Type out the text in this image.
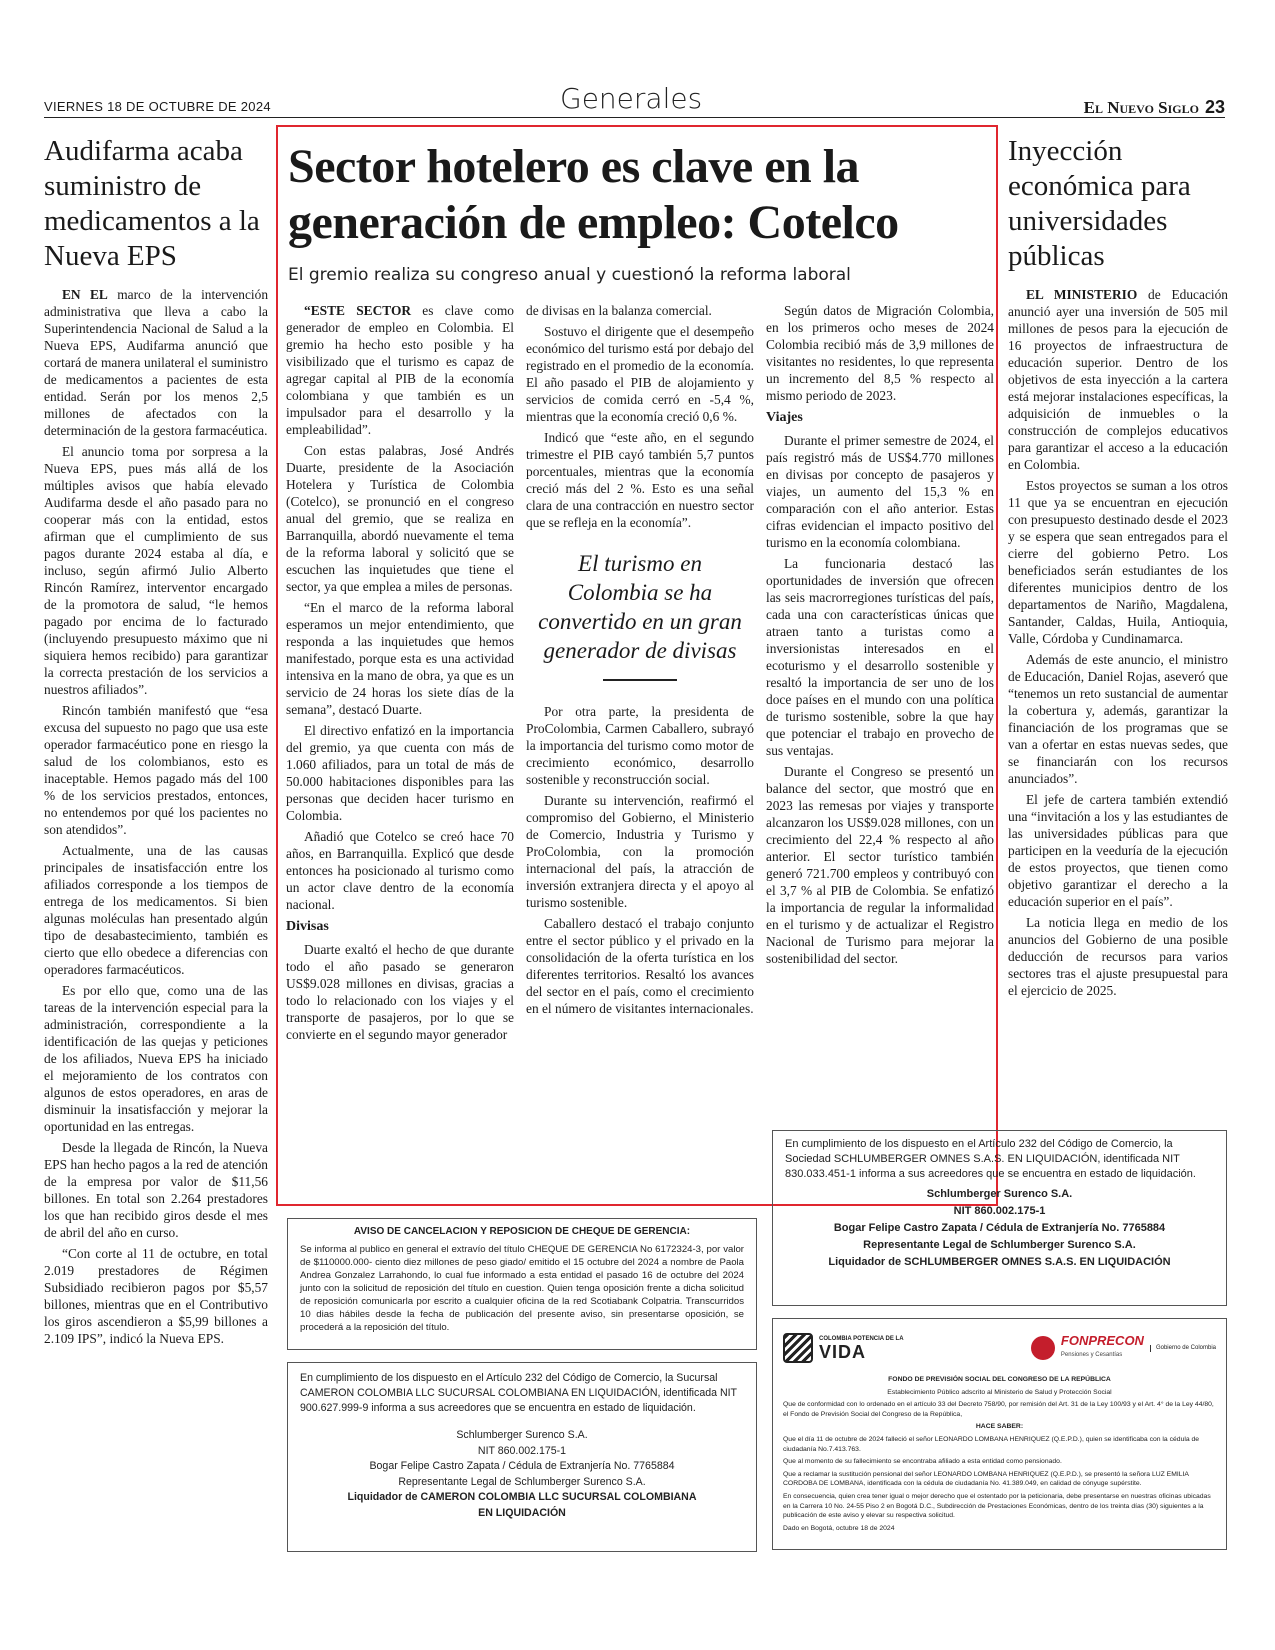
VIERNES 18 DE OCTUBRE DE 2024	Generales	El Nuevo Siglo 23
Audifarma acaba suministro de medicamentos a la Nueva EPS

EN EL marco de la intervención administrativa que lleva a cabo la Superintendencia Nacional de Salud a la Nueva EPS, Audifarma anunció que cortará de manera unilateral el suministro de medicamentos a pacientes de esta entidad. Serán por los menos 2,5 millones de afectados con la determinación de la gestora farmacéutica.

El anuncio toma por sorpresa a la Nueva EPS, pues más allá de los múltiples avisos que había elevado Audifarma desde el año pasado para no cooperar más con la entidad, estos afirman que el cumplimiento de sus pagos durante 2024 estaba al día, e incluso, según afirmó Julio Alberto Rincón Ramírez, interventor encargado de la promotora de salud, “le hemos pagado por encima de lo facturado (incluyendo presupuesto máximo que ni siquiera hemos recibido) para garantizar la correcta prestación de los servicios a nuestros afiliados”.

Rincón también manifestó que “esa excusa del supuesto no pago que usa este operador farmacéutico pone en riesgo la salud de los colombianos, esto es inaceptable. Hemos pagado más del 100 % de los servicios prestados, entonces, no entendemos por qué los pacientes no son atendidos”.

Actualmente, una de las causas principales de insatisfacción entre los afiliados corresponde a los tiempos de entrega de los medicamentos. Si bien algunas moléculas han presentado algún tipo de desabastecimiento, también es cierto que ello obedece a diferencias con operadores farmacéuticos.

Es por ello que, como una de las tareas de la intervención especial para la administración, correspondiente a la identificación de las quejas y peticiones de los afiliados, Nueva EPS ha iniciado el mejoramiento de los contratos con algunos de estos operadores, en aras de disminuir la insatisfacción y mejorar la oportunidad en las entregas.

Desde la llegada de Rincón, la Nueva EPS han hecho pagos a la red de atención de la empresa por valor de $11,56 billones. En total son 2.264 prestadores los que han recibido giros desde el mes de abril del año en curso.

“Con corte al 11 de octubre, en total 2.019 prestadores de Régimen Subsidiado recibieron pagos por $5,57 billones, mientras que en el Contributivo los giros ascendieron a $5,99 billones a 2.109 IPS”, indicó la Nueva EPS.

Sector hotelero es clave en la generación de empleo: Cotelco
El gremio realiza su congreso anual y cuestionó la reforma laboral

“ESTE SECTOR es clave como generador de empleo en Colombia. El gremio ha hecho esto posible y ha visibilizado que el turismo es capaz de agregar capital al PIB de la economía colombiana y que también es un impulsador para el desarrollo y la empleabilidad”.

Con estas palabras, José Andrés Duarte, presidente de la Asociación Hotelera y Turística de Colombia (Cotelco), se pronunció en el congreso anual del gremio, que se realiza en Barranquilla, abordó nuevamente el tema de la reforma laboral y solicitó que se escuchen las inquietudes que tiene el sector, ya que emplea a miles de personas.

“En el marco de la reforma laboral esperamos un mejor entendimiento, que responda a las inquietudes que hemos manifestado, porque esta es una actividad intensiva en la mano de obra, ya que es un servicio de 24 horas los siete días de la semana”, destacó Duarte.

El directivo enfatizó en la importancia del gremio, ya que cuenta con más de 1.060 afiliados, para un total de más de 50.000 habitaciones disponibles para las personas que deciden hacer turismo en Colombia.

Añadió que Cotelco se creó hace 70 años, en Barranquilla. Explicó que desde entonces ha posicionado al turismo como un actor clave dentro de la economía nacional.

Divisas

Duarte exaltó el hecho de que durante todo el año pasado se generaron US$9.028 millones en divisas, gracias a todo lo relacionado con los viajes y el transporte de pasajeros, por lo que se convierte en el segundo mayor generador

de divisas en la balanza comercial.

Sostuvo el dirigente que el desempeño económico del turismo está por debajo del registrado en el promedio de la economía. El año pasado el PIB de alojamiento y servicios de comida cerró en -5,4 %, mientras que la economía creció 0,6 %.

Indicó que “este año, en el segundo trimestre el PIB cayó también 5,7 puntos porcentuales, mientras que la economía creció más del 2 %. Esto es una señal clara de una contracción en nuestro sector que se refleja en la economía”.

El turismo en Colombia se ha convertido en un gran generador de divisas

Por otra parte, la presidenta de ProColombia, Carmen Caballero, subrayó la importancia del turismo como motor de crecimiento económico, desarrollo sostenible y reconstrucción social.

Durante su intervención, reafirmó el compromiso del Gobierno, el Ministerio de Comercio, Industria y Turismo y ProColombia, con la promoción internacional del país, la atracción de inversión extranjera directa y el apoyo al turismo sostenible.

Caballero destacó el trabajo conjunto entre el sector público y el privado en la consolidación de la oferta turística en los diferentes territorios. Resaltó los avances del sector en el país, como el crecimiento en el número de visitantes internacionales.

Según datos de Migración Colombia, en los primeros ocho meses de 2024 Colombia recibió más de 3,9 millones de visitantes no residentes, lo que representa un incremento del 8,5 % respecto al mismo periodo de 2023.

Viajes

Durante el primer semestre de 2024, el país registró más de US$4.770 millones en divisas por concepto de pasajeros y viajes, un aumento del 15,3 % en comparación con el año anterior. Estas cifras evidencian el impacto positivo del turismo en la economía colombiana.

La funcionaria destacó las oportunidades de inversión que ofrecen las seis macrorregiones turísticas del país, cada una con características únicas que atraen tanto a turistas como a inversionistas interesados en el ecoturismo y el desarrollo sostenible y resaltó la importancia de ser uno de los doce países en el mundo con una política de turismo sostenible, sobre la que hay que potenciar el trabajo en provecho de sus ventajas.

Durante el Congreso se presentó un balance del sector, que mostró que en 2023 las remesas por viajes y transporte alcanzaron los US$9.028 millones, con un crecimiento del 22,4 % respecto al año anterior. El sector turístico también generó 721.700 empleos y contribuyó con el 3,7 % al PIB de Colombia. Se enfatizó la importancia de regular la informalidad en el turismo y de actualizar el Registro Nacional de Turismo para mejorar la sostenibilidad del sector.

Inyección económica para universidades públicas

EL MINISTERIO de Educación anunció ayer una inversión de 505 mil millones de pesos para la ejecución de 16 proyectos de infraestructura de educación superior. Dentro de los objetivos de esta inyección a la cartera está mejorar instalaciones específicas, la adquisición de inmuebles o la construcción de complejos educativos para garantizar el acceso a la educación en Colombia.

Estos proyectos se suman a los otros 11 que ya se encuentran en ejecución con presupuesto destinado desde el 2023 y se espera que sean entregados para el cierre del gobierno Petro. Los beneficiados serán estudiantes de los diferentes municipios dentro de los departamentos de Nariño, Magdalena, Santander, Caldas, Huila, Antioquia, Valle, Córdoba y Cundinamarca.

Además de este anuncio, el ministro de Educación, Daniel Rojas, aseveró que “tenemos un reto sustancial de aumentar la cobertura y, además, garantizar la financiación de los programas que se van a ofertar en estas nuevas sedes, que se financiarán con los recursos anunciados”.

El jefe de cartera también extendió una “invitación a los y las estudiantes de las universidades públicas para que participen en la veeduría de la ejecución de estos proyectos, que tienen como objetivo garantizar el derecho a la educación superior en el país”.

La noticia llega en medio de los anuncios del Gobierno de una posible deducción de recursos para varios sectores tras el ajuste presupuestal para el ejercicio de 2025.

En cumplimiento de los dispuesto en el Artículo 232 del Código de Comercio, la Sociedad SCHLUMBERGER OMNES S.A.S. EN LIQUIDACIÓN, identificada NIT 830.033.451-1 informa a sus acreedores que se encuentra en estado de liquidación.
Schlumberger Surenco S.A.
NIT 860.002.175-1
Bogar Felipe Castro Zapata / Cédula de Extranjería No. 7765884
Representante Legal de Schlumberger Surenco S.A.
Liquidador de SCHLUMBERGER OMNES S.A.S. EN LIQUIDACIÓN
AVISO DE CANCELACION Y REPOSICION DE CHEQUE DE GERENCIA:
Se informa al publico en general el extravío del título CHEQUE DE GERENCIA No 6172324-3, por valor de $110000.000- ciento diez millones de peso giado/ emitido el 15 octubre del 2024 a nombre de Paola Andrea Gonzalez Larrahondo, lo cual fue informado a esta entidad el pasado 16 de octubre del 2024 junto con la solicitud de reposición del título en cuestion. Quien tenga oposición frente a dicha solicitud de reposición comunicarla por escrito a cualquier oficina de la red Scotiabank Colpatria. Transcurridos 10 dias hábiles desde la fecha de publicación del presente aviso, sin presentarse oposición, se procederá a la reposición del título.
En cumplimiento de los dispuesto en el Artículo 232 del Código de Comercio, la Sucursal CAMERON COLOMBIA LLC SUCURSAL COLOMBIANA EN LIQUIDACIÓN, identificada NIT 900.627.999-9 informa a sus acreedores que se encuentra en estado de liquidación.
Schlumberger Surenco S.A.
NIT 860.002.175-1
Bogar Felipe Castro Zapata / Cédula de Extranjería No. 7765884
Representante Legal de Schlumberger Surenco S.A.
Liquidador de CAMERON COLOMBIA LLC SUCURSAL COLOMBIANA
EN LIQUIDACIÓN
COLOMBIA POTENCIA DE LA
VIDA
FONPRECON
Pensiones y Cesantías
Gobierno de Colombia

FONDO DE PREVISIÓN SOCIAL DEL CONGRESO DE LA REPÚBLICA

Establecimiento Público adscrito al Ministerio de Salud y Protección Social

Que de conformidad con lo ordenado en el artículo 33 del Decreto 758/90, por remisión del Art. 31 de la Ley 100/93 y el Art. 4° de la Ley 44/80, el Fondo de Previsión Social del Congreso de la República,

HACE SABER:

Que el día 11 de octubre de 2024 falleció el señor LEONARDO LOMBANA HENRIQUEZ (Q.E.P.D.), quien se identificaba con la cédula de ciudadanía No.7.413.763.

Que al momento de su fallecimiento se encontraba afiliado a esta entidad como pensionado.

Que a reclamar la sustitución pensional del señor LEONARDO LOMBANA HENRIQUEZ (Q.E.P.D.), se presentó la señora LUZ EMILIA CORDOBA DE LOMBANA, identificada con la cédula de ciudadanía No. 41.389.049, en calidad de cónyuge supérstite.

En consecuencia, quien crea tener igual o mejor derecho que el ostentado por la peticionaria, debe presentarse en nuestras oficinas ubicadas en la Carrera 10 No. 24-55 Piso 2 en Bogotá D.C., Subdirección de Prestaciones Económicas, dentro de los treinta días (30) siguientes a la publicación de este aviso y elevar su respectiva solicitud.

Dado en Bogotá, octubre 18 de 2024
